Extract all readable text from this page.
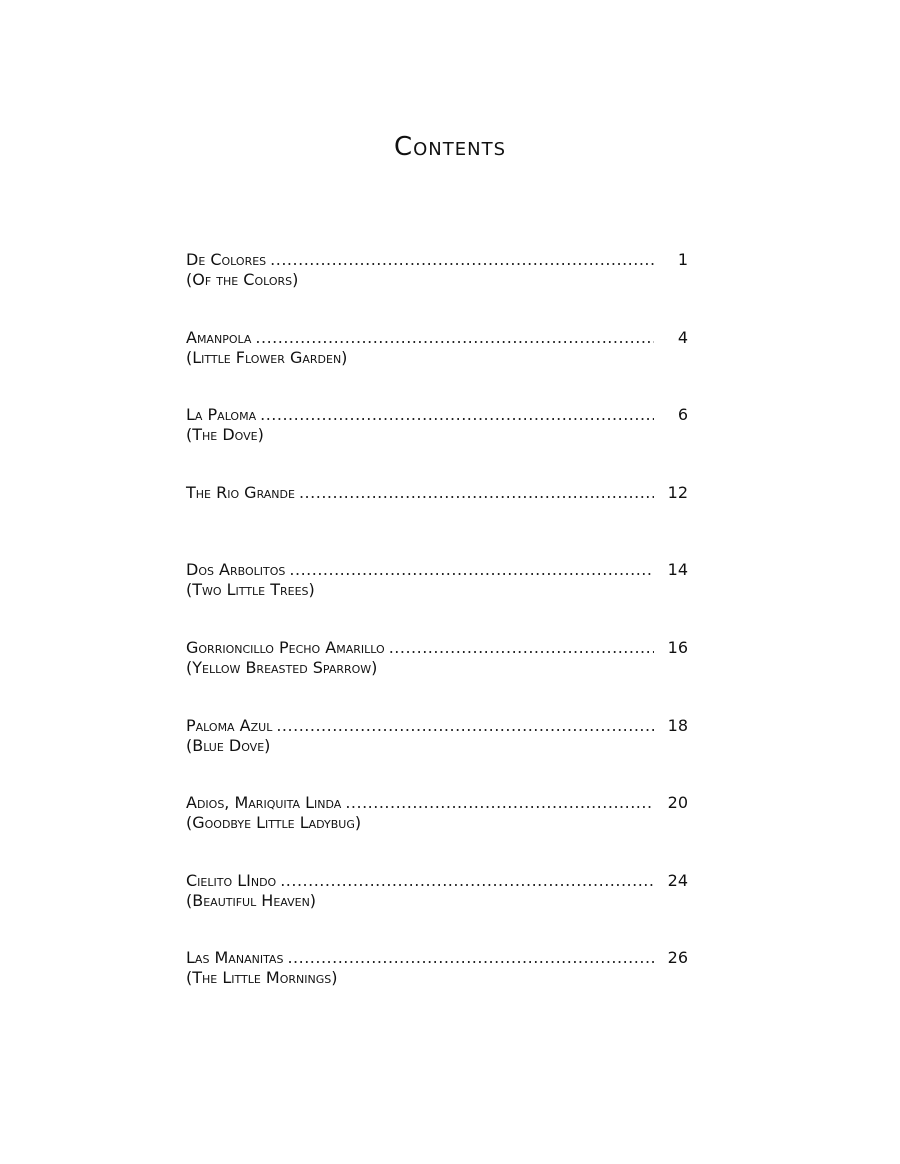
Contents
De Colores .....	1
(Of the Colors)
Amanpola .....	4
(Little Flower Garden)
La Paloma .....	6
(The Dove)
The Rio Grande .....	12
Dos Arbolitos .....	14
(Two Little Trees)
Gorrioncillo Pecho Amarillo .....	16
(Yellow Breasted Sparrow)
Paloma Azul .....	18
(Blue Dove)
Adios, Mariquita Linda .....	20
(Goodbye Little Ladybug)
Cielito LIndo .....	24
(Beautiful Heaven)
Las Mananitas .....	26
(The Little Mornings)
